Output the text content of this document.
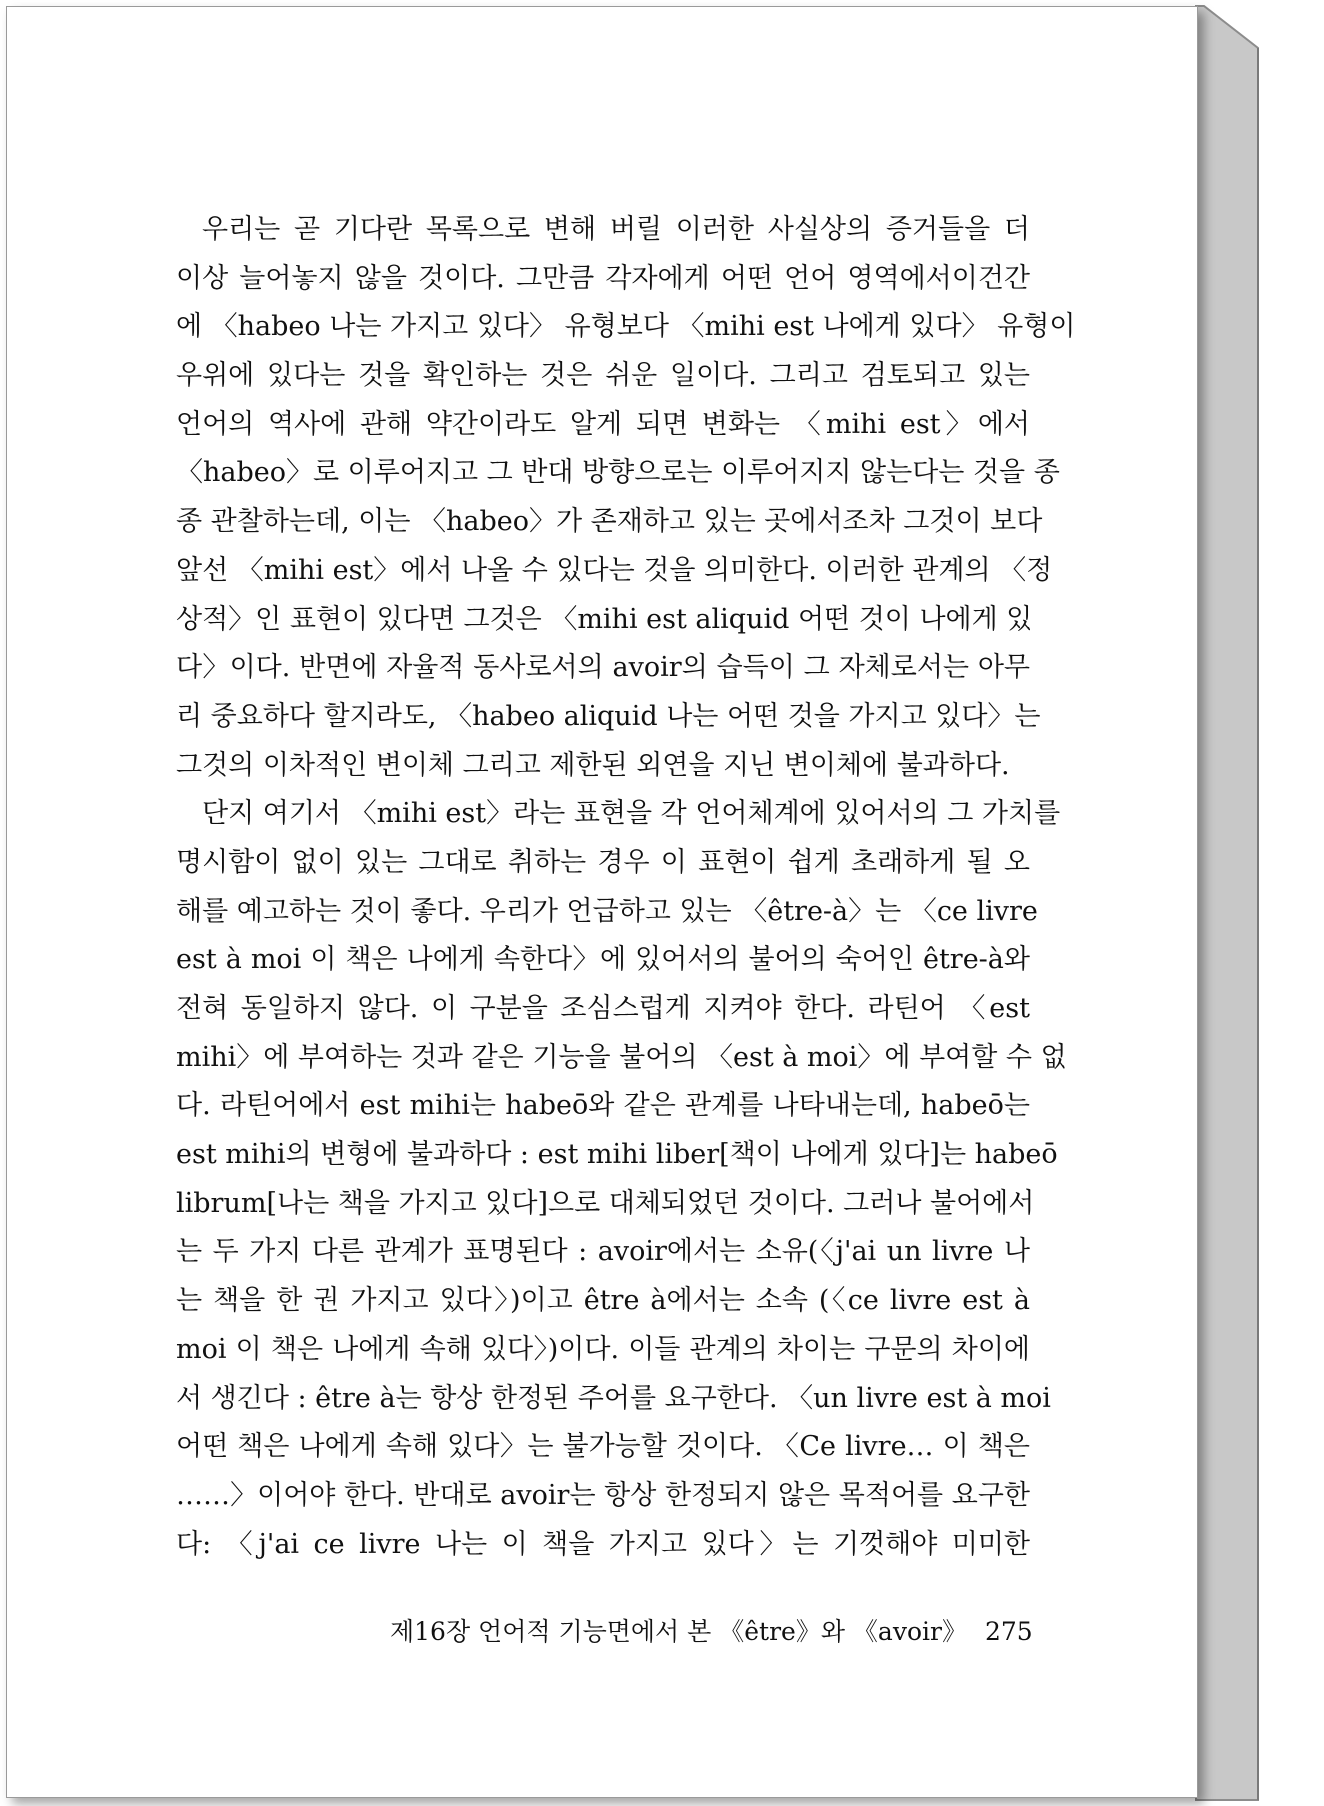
우리는 곧 기다란 목록으로 변해 버릴 이러한 사실상의 증거들을 더
이상 늘어놓지 않을 것이다. 그만큼 각자에게 어떤 언어 영역에서이건간
에 〈habeo 나는 가지고 있다〉 유형보다 〈mihi est 나에게 있다〉 유형이
우위에 있다는 것을 확인하는 것은 쉬운 일이다. 그리고 검토되고 있는
언어의 역사에 관해 약간이라도 알게 되면 변화는 〈mihi est〉에서
〈habeo〉로 이루어지고 그 반대 방향으로는 이루어지지 않는다는 것을 종
종 관찰하는데, 이는 〈habeo〉가 존재하고 있는 곳에서조차 그것이 보다
앞선 〈mihi est〉에서 나올 수 있다는 것을 의미한다. 이러한 관계의 〈정
상적〉인 표현이 있다면 그것은 〈mihi est aliquid 어떤 것이 나에게 있
다〉이다. 반면에 자율적 동사로서의 avoir의 습득이 그 자체로서는 아무
리 중요하다 할지라도, 〈habeo aliquid 나는 어떤 것을 가지고 있다〉는
그것의 이차적인 변이체 그리고 제한된 외연을 지닌 변이체에 불과하다.
단지 여기서 〈mihi est〉라는 표현을 각 언어체계에 있어서의 그 가치를
명시함이 없이 있는 그대로 취하는 경우 이 표현이 쉽게 초래하게 될 오
해를 예고하는 것이 좋다. 우리가 언급하고 있는 〈être-à〉는 〈ce livre
est à moi 이 책은 나에게 속한다〉에 있어서의 불어의 숙어인 être-à와
전혀 동일하지 않다. 이 구분을 조심스럽게 지켜야 한다. 라틴어 〈est
mihi〉에 부여하는 것과 같은 기능을 불어의 〈est à moi〉에 부여할 수 없
다. 라틴어에서 est mihi는 habeō와 같은 관계를 나타내는데, habeō는
est mihi의 변형에 불과하다 : est mihi liber[책이 나에게 있다]는 habeō
librum[나는 책을 가지고 있다]으로 대체되었던 것이다. 그러나 불어에서
는 두 가지 다른 관계가 표명된다 : avoir에서는 소유(〈j'ai un livre 나
는 책을 한 권 가지고 있다〉)이고 être à에서는 소속 (〈ce livre est à
moi 이 책은 나에게 속해 있다〉)이다. 이들 관계의 차이는 구문의 차이에
서 생긴다 : être à는 항상 한정된 주어를 요구한다. 〈un livre est à moi
어떤 책은 나에게 속해 있다〉는 불가능할 것이다. 〈Ce livre… 이 책은
……〉이어야 한다. 반대로 avoir는 항상 한정되지 않은 목적어를 요구한
다: 〈j'ai ce livre 나는 이 책을 가지고 있다〉는 기껏해야 미미한
제16장 언어적 기능면에서 본 《être》와 《avoir》 275
